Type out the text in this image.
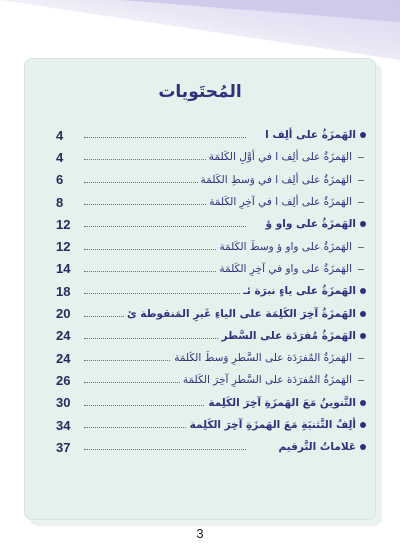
المُحتَويات
4	الهَمزَةُ على ألِف ا
4	الهَمزَةُ على ألِف ا في أوَّلِ الكَلمَة
6	الهَمزَةُ على ألِف ا في وَسطِ الكَلمَة
8	الهَمزَةُ على ألِف ا في آخِرِ الكَلمَة
12	الهَمزَةُ على واو ؤ
12	الهَمزَةُ على واو ؤ وسطَ الكَلمَة
14	الهَمزَةُ على واو في آخِرِ الكَلمَة
18	الهَمزَةُ على ياءٍ نبرَة ئـ
20	الهَمزَةُ آخِرَ الكَلِمَة على الياءِ غَيرِ المَنقوطة ئ
24	الهَمزَةُ مُفرَدَة على السَّطر
24	الهَمزَةُ المُفرَدَة على السَّطرِ وَسطَ الكَلمَة
26	الهَمزَةُ المُفرَدَة على السَّطرِ آخِرَ الكَلمَة
30	التَّنوينُ مَعَ الهَمزَةِ آخِرَ الكَلِمة
34	ألِفُ التَّثنيَةِ مَعَ الهَمزَةِ آخِرَ الكَلِمة
37	عَلاماتُ التَّرقيم
3
